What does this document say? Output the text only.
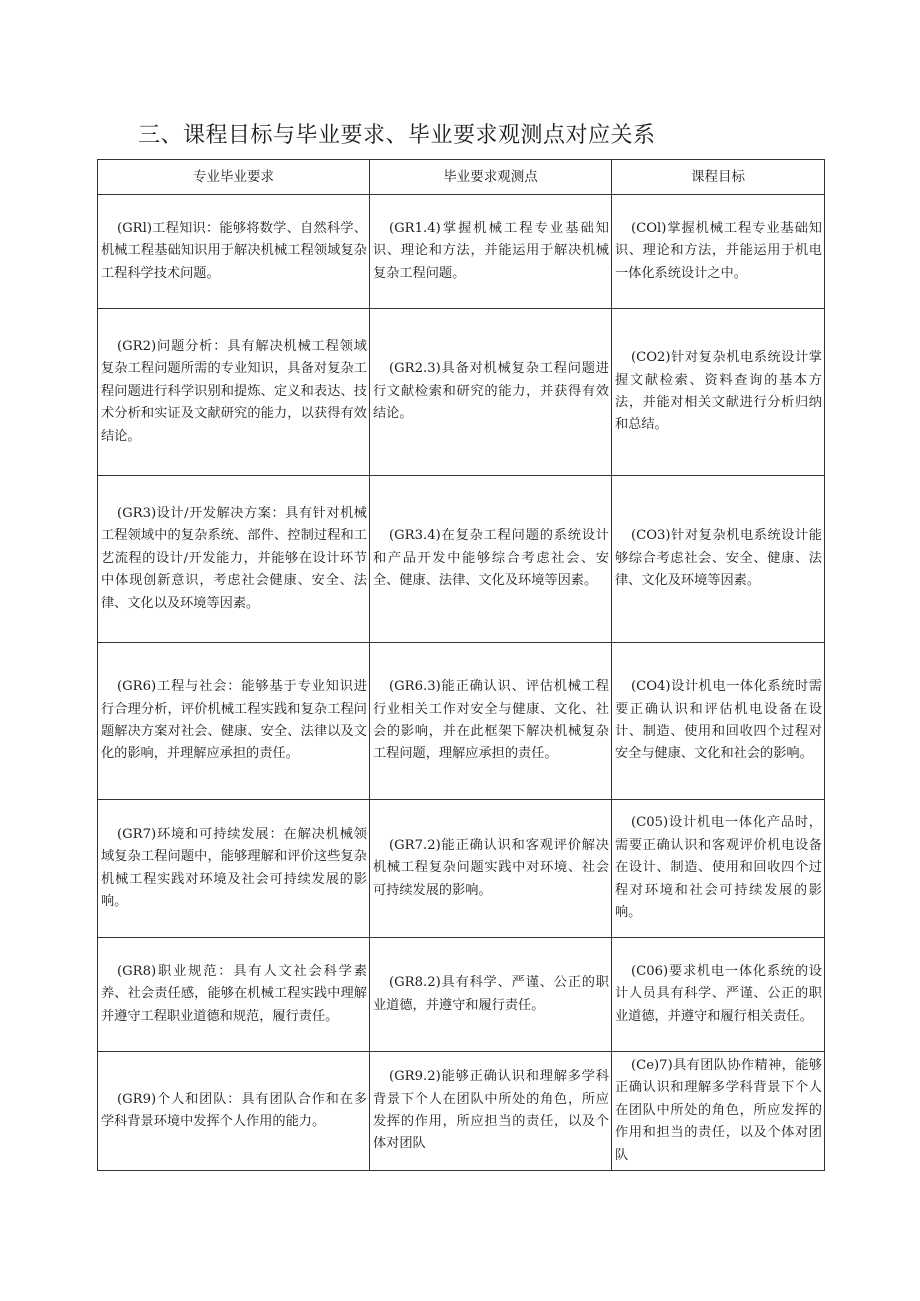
三、课程目标与毕业要求、毕业要求观测点对应关系
专业毕业要求	毕业要求观测点	课程目标
(GRl)工程知识：能够将数学、自然科学、机械工程基础知识用于解决机械工程领域复杂工程科学技术问题。	(GR1.4)掌握机械工程专业基础知识、理论和方法，并能运用于解决机械复杂工程问题。	(COl)掌握机械工程专业基础知识、理论和方法，并能运用于机电一体化系统设计之中。
(GR2)问题分析：具有解决机械工程领域复杂工程问题所需的专业知识，具备对复杂工程问题进行科学识别和提炼、定义和表达、技术分析和实证及文献研究的能力，以获得有效结论。	(GR2.3)具备对机械复杂工程问题进行文献检索和研究的能力，并获得有效结论。	(CO2)针对复杂机电系统设计掌握文献检索、资料查询的基本方法，并能对相关文献进行分析归纳和总结。
(GR3)设计/开发解决方案：具有针对机械工程领域中的复杂系统、部件、控制过程和工艺流程的设计/开发能力，并能够在设计环节中体现创新意识，考虑社会健康、安全、法律、文化以及环境等因素。	(GR3.4)在复杂工程问题的系统设计和产品开发中能够综合考虑社会、安全、健康、法律、文化及环境等因素。	(CO3)针对复杂机电系统设计能够综合考虑社会、安全、健康、法律、文化及环境等因素。
(GR6)工程与社会：能够基于专业知识进行合理分析，评价机械工程实践和复杂工程问题解决方案对社会、健康、安全、法律以及文化的影响，并理解应承担的责任。	(GR6.3)能正确认识、评估机械工程行业相关工作对安全与健康、文化、社会的影响，并在此框架下解决机械复杂工程问题，理解应承担的责任。	(CO4)设计机电一体化系统时需要正确认识和评估机电设备在设计、制造、使用和回收四个过程对安全与健康、文化和社会的影响。
(GR7)环境和可持续发展：在解决机械领域复杂工程问题中，能够理解和评价这些复杂机械工程实践对环境及社会可持续发展的影响。	(GR7.2)能正确认识和客观评价解决机械工程复杂问题实践中对环境、社会可持续发展的影响。	(C05)设计机电一体化产品时，需要正确认识和客观评价机电设备在设计、制造、使用和回收四个过程对环境和社会可持续发展的影响。
(GR8)职业规范：具有人文社会科学素养、社会责任感，能够在机械工程实践中理解并遵守工程职业道德和规范，履行责任。	(GR8.2)具有科学、严谨、公正的职业道德，并遵守和履行责任。	(C06)要求机电一体化系统的设计人员具有科学、严谨、公正的职业道德，并遵守和履行相关责任。
(GR9)个人和团队：具有团队合作和在多学科背景环境中发挥个人作用的能力。	(GR9.2)能够正确认识和理解多学科背景下个人在团队中所处的角色，所应发挥的作用，所应担当的责任，以及个体对团队	(Ce)7)具有团队协作精神，能够正确认识和理解多学科背景下个人在团队中所处的角色，所应发挥的作用和担当的责任，以及个体对团队
